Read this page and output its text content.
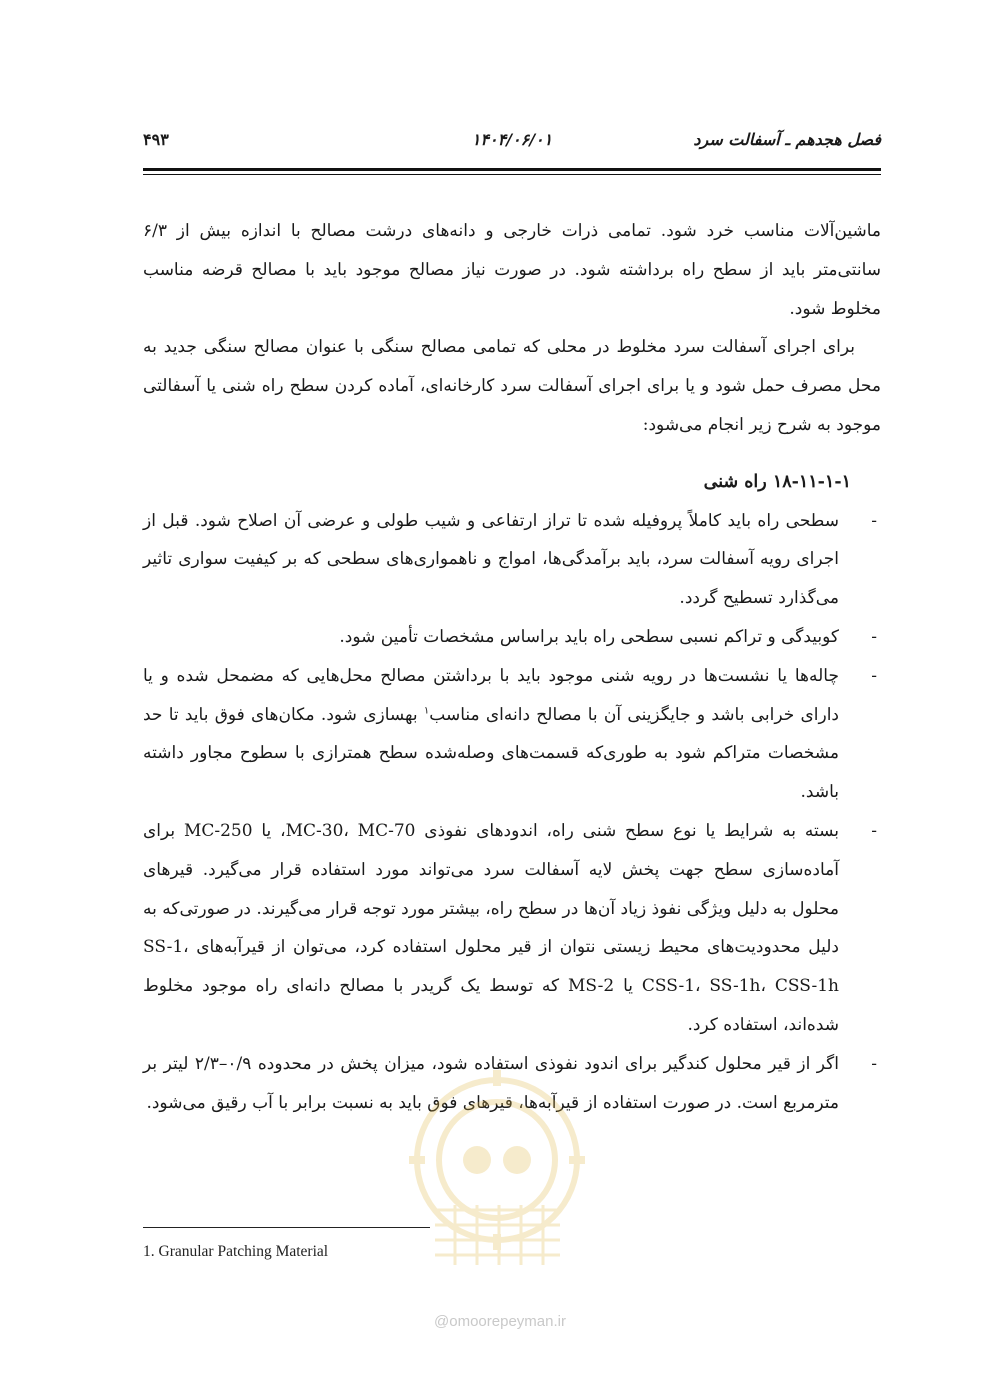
فصل هجدهم ـ آسفالت سرد
۱۴۰۴/۰۶/۰۱
۴۹۳

ماشین‌آلات مناسب خرد شود. تمامی ذرات خارجی و دانه‌های درشت مصالح با اندازه بیش از ۶/۳ سانتی‌متر باید از سطح راه برداشته شود. در صورت نیاز مصالح موجود باید با مصالح قرضه مناسب مخلوط شود.

برای اجرای آسفالت سرد مخلوط در محلی که تمامی مصالح سنگی با عنوان مصالح سنگی جدید به محل مصرف حمل شود و یا برای اجرای آسفالت سرد کارخانه‌ای، آماده کردن سطح راه شنی یا آسفالتی موجود به شرح زیر انجام می‌شود:

۱۸-۱۱-۱-۱ راه شنی

-
سطحی راه باید کاملاً پروفیله شده تا تراز ارتفاعی و شیب طولی و عرضی آن اصلاح شود. قبل از اجرای رویه آسفالت سرد، باید برآمدگی‌ها، امواج و ناهمواری‌های سطحی که بر کیفیت سواری تاثیر می‌گذارد تسطیح گردد.
-
کوبیدگی و تراکم نسبی سطحی راه باید براساس مشخصات تأمین شود.
-
چاله‌ها یا نشست‌ها در رویه شنی موجود باید با برداشتن مصالح محل‌هایی که مضمحل شده و یا دارای خرابی باشد و جایگزینی آن با مصالح دانه‌ای مناسب$^۱$ بهسازی شود. مکان‌های فوق باید تا حد مشخصات متراکم شود به طوری‌که قسمت‌های وصله‌شده سطح همترازی با سطوح مجاور داشته باشد.
-
بسته به شرایط یا نوع سطح شنی راه، اندودهای نفوذی MC-30، MC-70، یا MC-250 برای آماده‌سازی سطح جهت پخش لایه آسفالت سرد می‌تواند مورد استفاده قرار می‌گیرد. قیرهای محلول به دلیل ویژگی نفوذ زیاد آن‌ها در سطح راه، بیشتر مورد توجه قرار می‌گیرند. در صورتی‌که به دلیل محدودیت‌های محیط زیستی نتوان از قیر محلول استفاده کرد، می‌توان از قیرآبه‌های SS-1، CSS-1، SS-1h، CSS-1h یا MS-2 که توسط یک گریدر با مصالح دانه‌ای راه موجود مخلوط شده‌اند، استفاده کرد.
-
اگر از قیر محلول کندگیر برای اندود نفوذی استفاده شود، میزان پخش در محدوده ۰/۹–۲/۳ لیتر بر مترمربع است. در صورت استفاده از قیرآبه‌ها، قیرهای فوق باید به نسبت برابر با آب رقیق می‌شود.
1. Granular Patching Material
@omoorepeyman.ir
